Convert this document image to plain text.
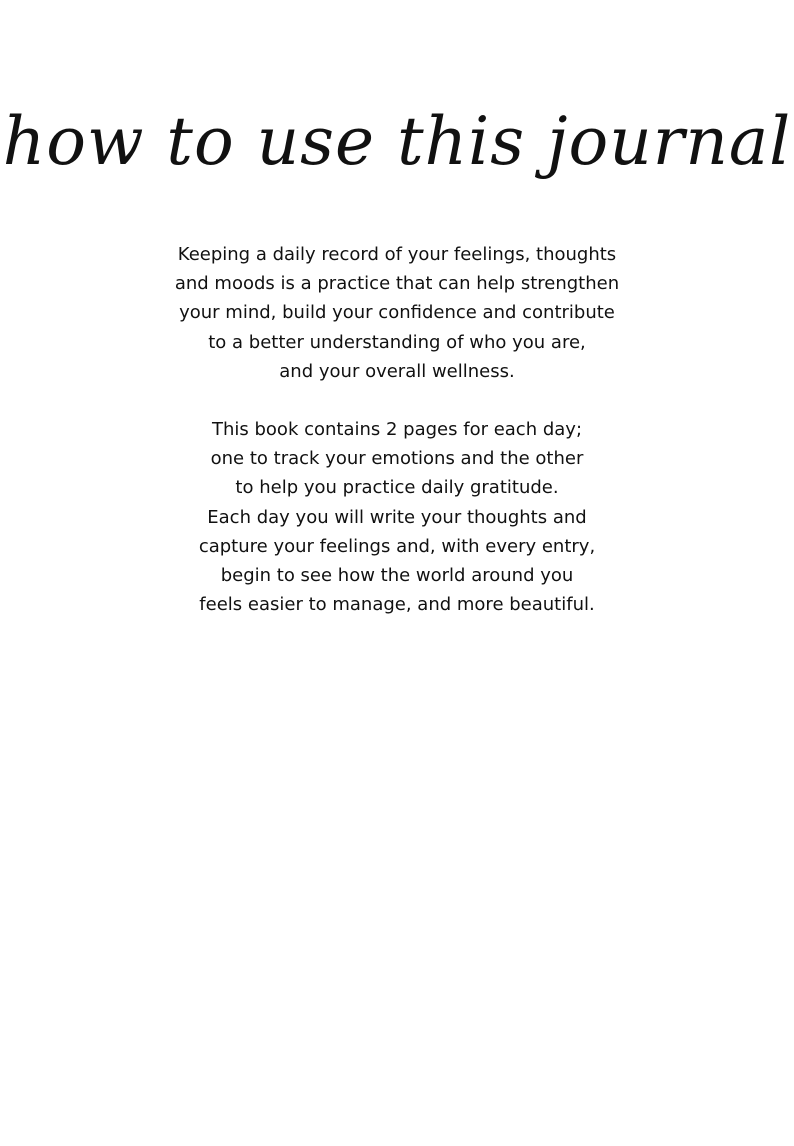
how to use this journal
Keeping a daily record of your feelings, thoughts
and moods is a practice that can help strengthen
your mind, build your confidence and contribute
to a better understanding of who you are,
and your overall wellness.
This book contains 2 pages for each day;
one to track your emotions and the other
to help you practice daily gratitude.
Each day you will write your thoughts and
capture your feelings and, with every entry,
begin to see how the world around you
feels easier to manage, and more beautiful.
